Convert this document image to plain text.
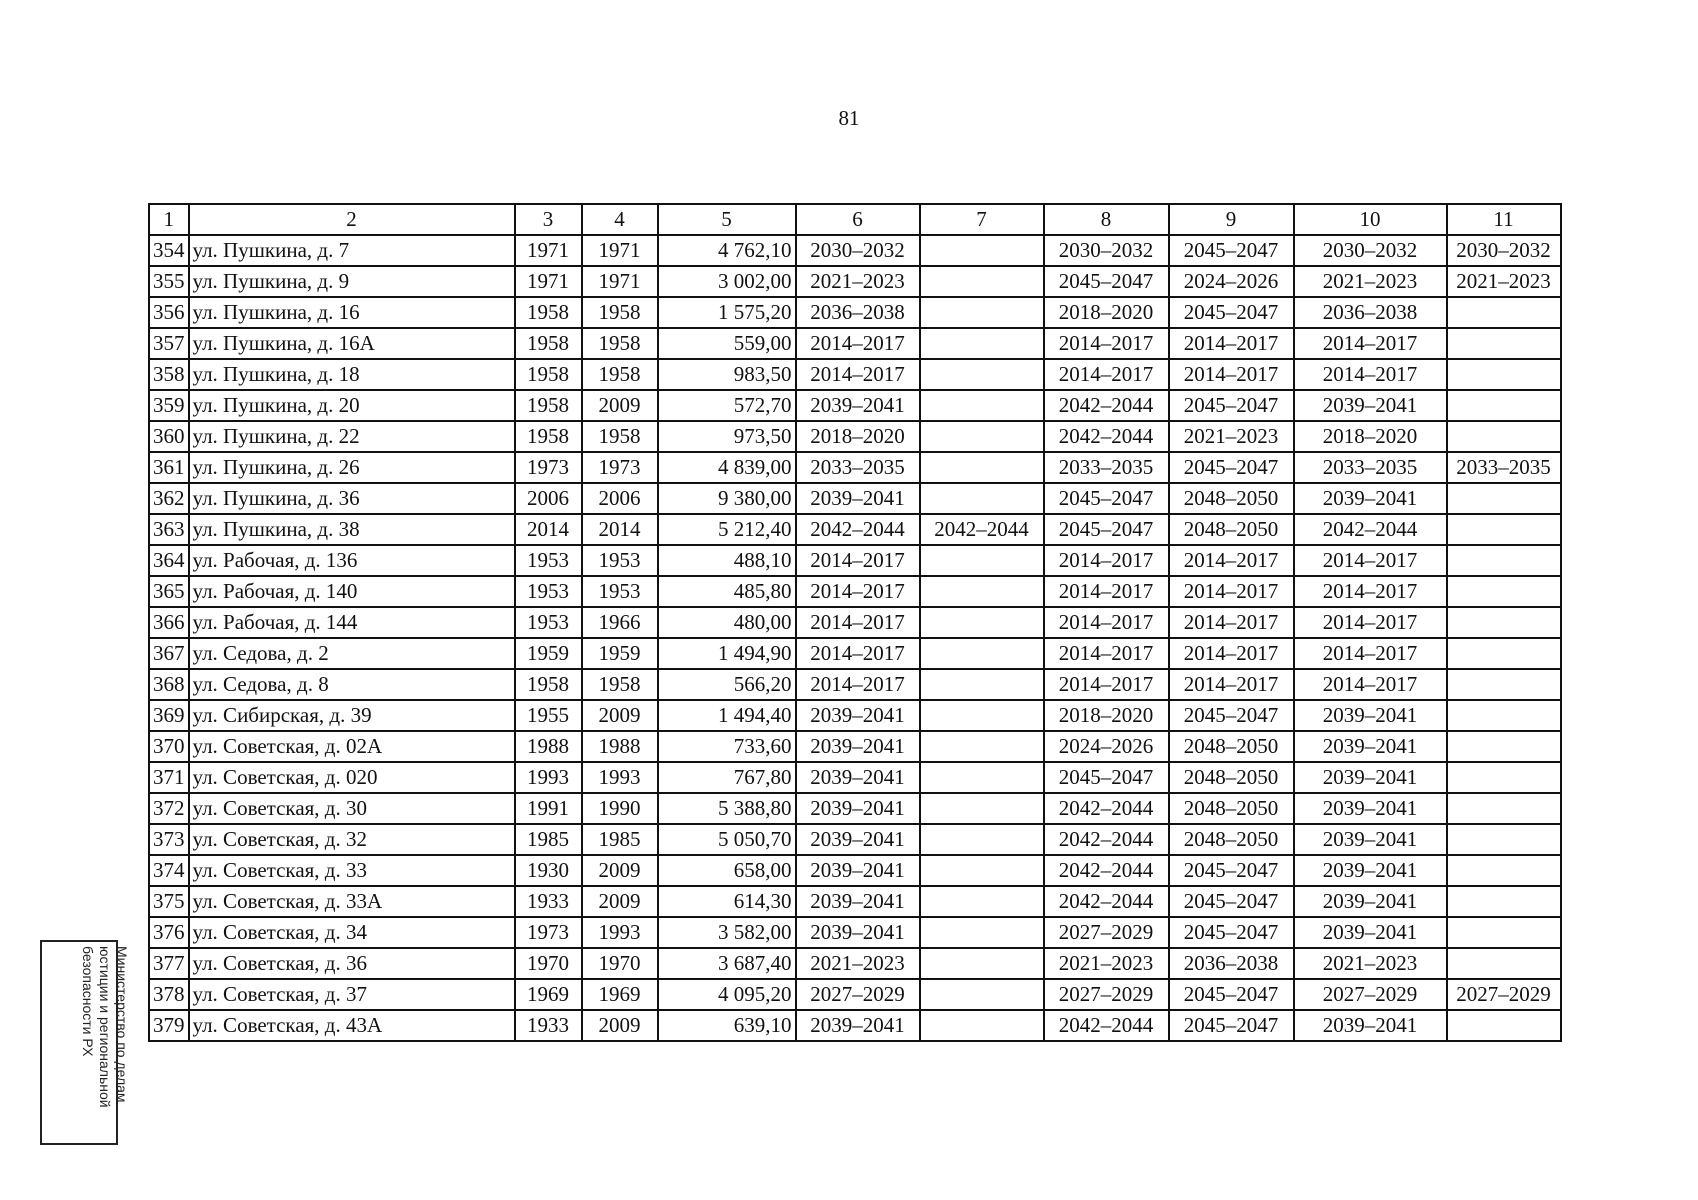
81
1	2	3	4	5	6	7	8	9	10	11
354	ул. Пушкина, д. 7	1971	1971	4 762,10	2030–2032		2030–2032	2045–2047	2030–2032	2030–2032
355	ул. Пушкина, д. 9	1971	1971	3 002,00	2021–2023		2045–2047	2024–2026	2021–2023	2021–2023
356	ул. Пушкина, д. 16	1958	1958	1 575,20	2036–2038		2018–2020	2045–2047	2036–2038	
357	ул. Пушкина, д. 16А	1958	1958	559,00	2014–2017		2014–2017	2014–2017	2014–2017	
358	ул. Пушкина, д. 18	1958	1958	983,50	2014–2017		2014–2017	2014–2017	2014–2017	
359	ул. Пушкина, д. 20	1958	2009	572,70	2039–2041		2042–2044	2045–2047	2039–2041	
360	ул. Пушкина, д. 22	1958	1958	973,50	2018–2020		2042–2044	2021–2023	2018–2020	
361	ул. Пушкина, д. 26	1973	1973	4 839,00	2033–2035		2033–2035	2045–2047	2033–2035	2033–2035
362	ул. Пушкина, д. 36	2006	2006	9 380,00	2039–2041		2045–2047	2048–2050	2039–2041	
363	ул. Пушкина, д. 38	2014	2014	5 212,40	2042–2044	2042–2044	2045–2047	2048–2050	2042–2044	
364	ул. Рабочая, д. 136	1953	1953	488,10	2014–2017		2014–2017	2014–2017	2014–2017	
365	ул. Рабочая, д. 140	1953	1953	485,80	2014–2017		2014–2017	2014–2017	2014–2017	
366	ул. Рабочая, д. 144	1953	1966	480,00	2014–2017		2014–2017	2014–2017	2014–2017	
367	ул. Седова, д. 2	1959	1959	1 494,90	2014–2017		2014–2017	2014–2017	2014–2017	
368	ул. Седова, д. 8	1958	1958	566,20	2014–2017		2014–2017	2014–2017	2014–2017	
369	ул. Сибирская, д. 39	1955	2009	1 494,40	2039–2041		2018–2020	2045–2047	2039–2041	
370	ул. Советская, д. 02А	1988	1988	733,60	2039–2041		2024–2026	2048–2050	2039–2041	
371	ул. Советская, д. 020	1993	1993	767,80	2039–2041		2045–2047	2048–2050	2039–2041	
372	ул. Советская, д. 30	1991	1990	5 388,80	2039–2041		2042–2044	2048–2050	2039–2041	
373	ул. Советская, д. 32	1985	1985	5 050,70	2039–2041		2042–2044	2048–2050	2039–2041	
374	ул. Советская, д. 33	1930	2009	658,00	2039–2041		2042–2044	2045–2047	2039–2041	
375	ул. Советская, д. 33А	1933	2009	614,30	2039–2041		2042–2044	2045–2047	2039–2041	
376	ул. Советская, д. 34	1973	1993	3 582,00	2039–2041		2027–2029	2045–2047	2039–2041	
377	ул. Советская, д. 36	1970	1970	3 687,40	2021–2023		2021–2023	2036–2038	2021–2023	
378	ул. Советская, д. 37	1969	1969	4 095,20	2027–2029		2027–2029	2045–2047	2027–2029	2027–2029
379	ул. Советская, д. 43А	1933	2009	639,10	2039–2041		2042–2044	2045–2047	2039–2041	
Министерство по делам
юстиции и региональной
безопасности РХ
